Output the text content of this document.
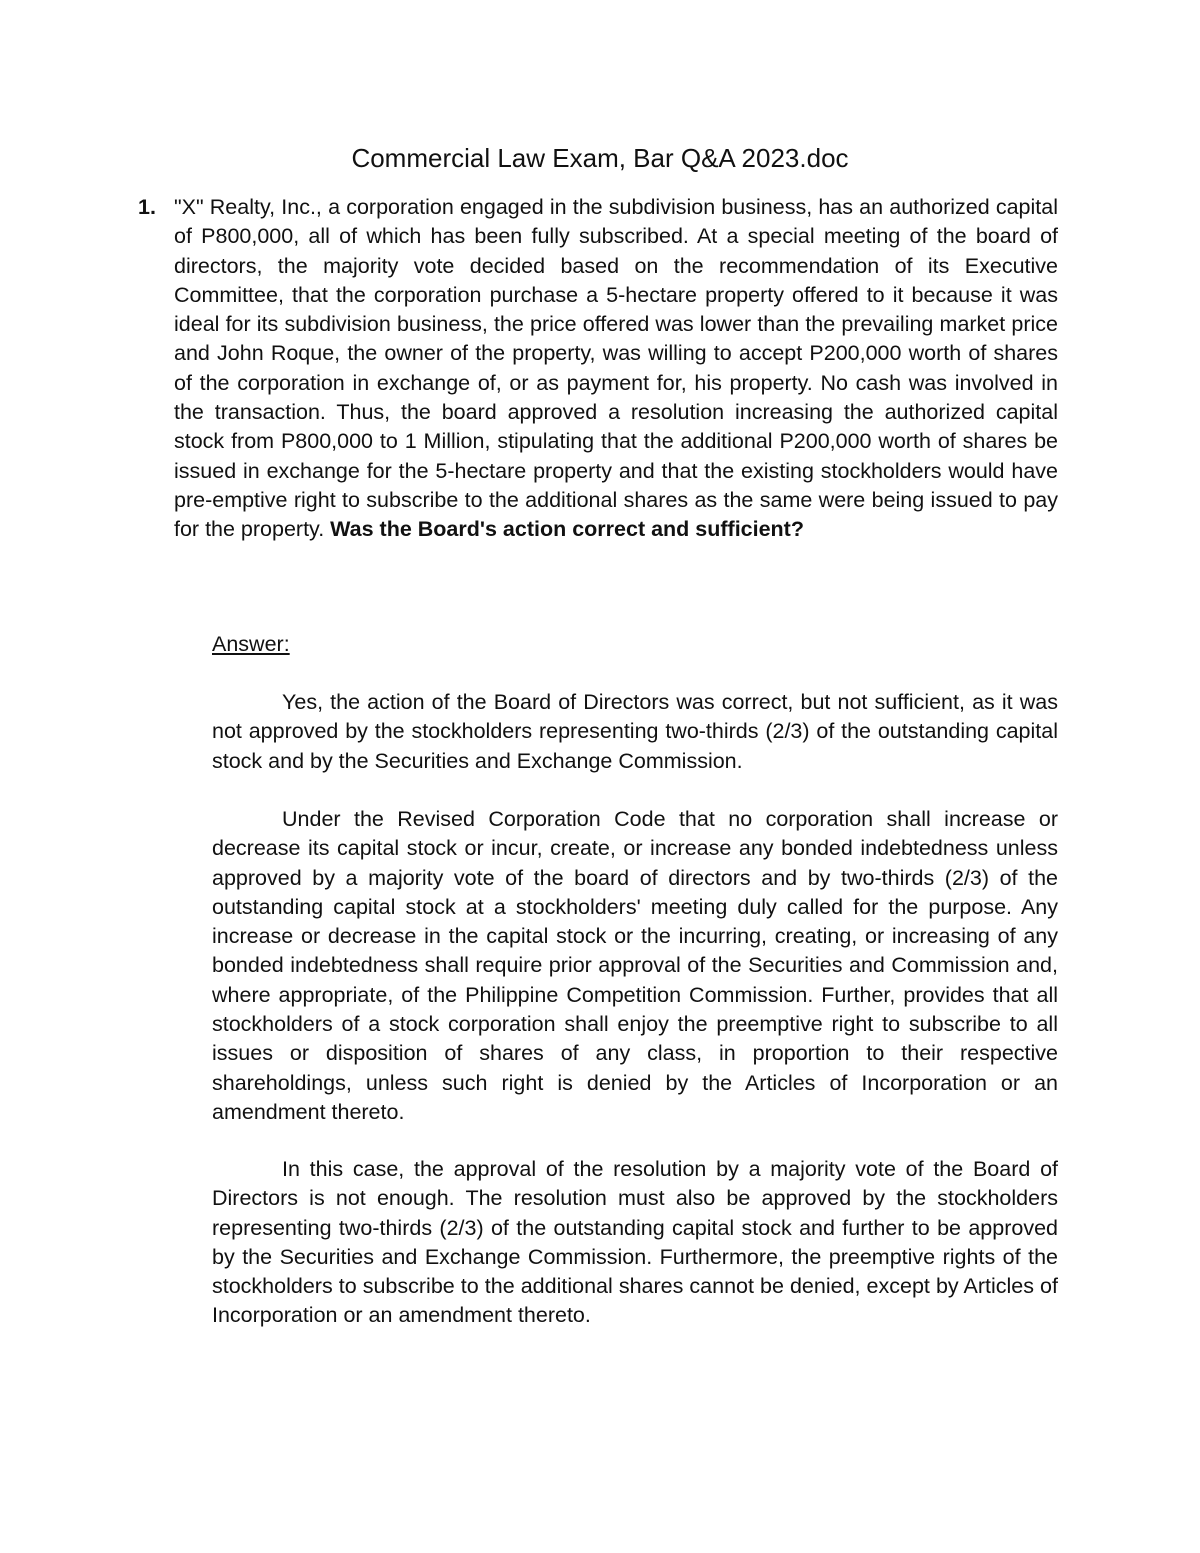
Commercial Law Exam, Bar Q&A 2023.doc

1. "X" Realty, Inc., a corporation engaged in the subdivision business, has an authorized capital of P800,000, all of which has been fully subscribed. At a special meeting of the board of directors, the majority vote decided based on the recommendation of its Executive Committee, that the corporation purchase a 5-hectare property offered to it because it was ideal for its subdivision business, the price offered was lower than the prevailing market price and John Roque, the owner of the property, was willing to accept P200,000 worth of shares of the corporation in exchange of, or as payment for, his property. No cash was involved in the transaction. Thus, the board approved a resolution increasing the authorized capital stock from P800,000 to 1 Million, stipulating that the additional P200,000 worth of shares be issued in exchange for the 5-hectare property and that the existing stockholders would have pre-emptive right to subscribe to the additional shares as the same were being issued to pay for the property. Was the Board's action correct and sufficient?

Answer:

Yes, the action of the Board of Directors was correct, but not sufficient, as it was not approved by the stockholders representing two-thirds (2/3) of the outstanding capital stock and by the Securities and Exchange Commission.

Under the Revised Corporation Code that no corporation shall increase or decrease its capital stock or incur, create, or increase any bonded indebtedness unless approved by a majority vote of the board of directors and by two-thirds (2/3) of the outstanding capital stock at a stockholders' meeting duly called for the purpose. Any increase or decrease in the capital stock or the incurring, creating, or increasing of any bonded indebtedness shall require prior approval of the Securities and Commission and, where appropriate, of the Philippine Competition Commission. Further, provides that all stockholders of a stock corporation shall enjoy the preemptive right to subscribe to all issues or disposition of shares of any class, in proportion to their respective shareholdings, unless such right is denied by the Articles of Incorporation or an amendment thereto.

In this case, the approval of the resolution by a majority vote of the Board of Directors is not enough. The resolution must also be approved by the stockholders representing two-thirds (2/3) of the outstanding capital stock and further to be approved by the Securities and Exchange Commission. Furthermore, the preemptive rights of the stockholders to subscribe to the additional shares cannot be denied, except by Articles of Incorporation or an amendment thereto.
